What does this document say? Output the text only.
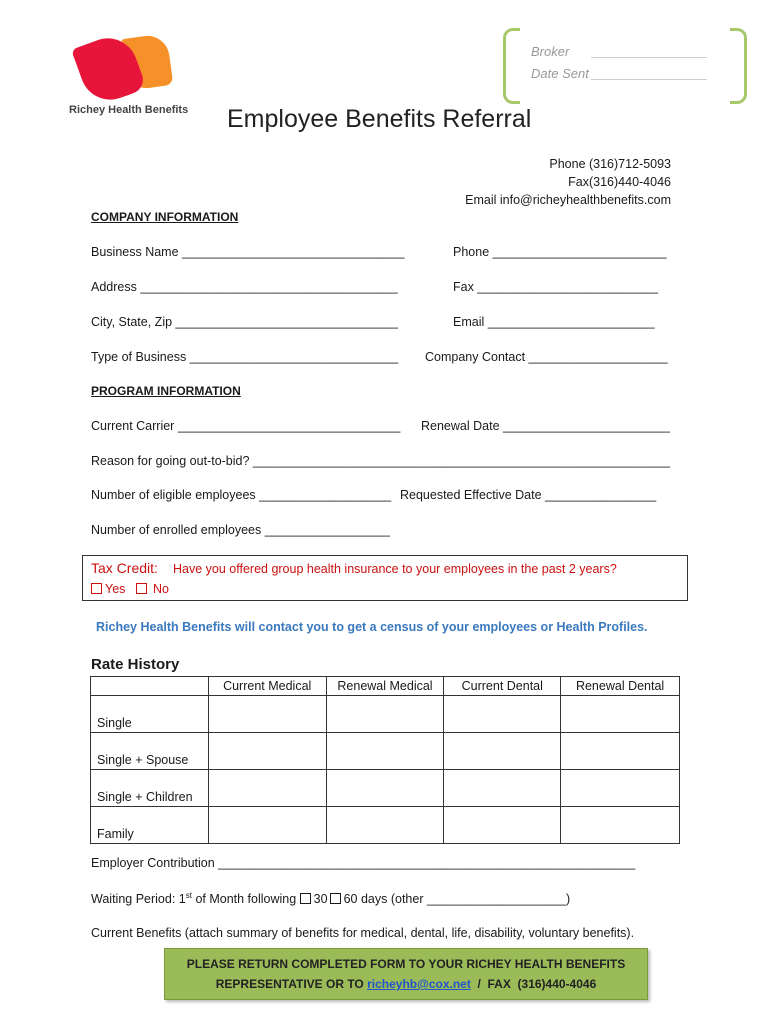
Richey Health Benefits
Broker ________________
Date Sent ________________
Employee Benefits Referral
Phone (316)712-5093
Fax(316)440-4046
Email info@richeyhealthbenefits.com
COMPANY INFORMATION
Business Name ________________________________	Phone _________________________
Address _____________________________________	Fax __________________________
City, State, Zip ________________________________	Email ________________________
Type of Business ______________________________ Company Contact ____________________
PROGRAM INFORMATION
Current Carrier ________________________________ Renewal Date ________________________
Reason for going out-to-bid? ____________________________________________________________
Number of eligible employees ___________________ Requested Effective Date ________________
Number of enrolled employees __________________
Tax Credit: Have you offered group health insurance to your employees in the past 2 years?
Yes	No
Richey Health Benefits will contact you to get a census of your employees or Health Profiles.
Rate History
	Current Medical	Renewal Medical	Current Dental	Renewal Dental
Single				
Single + Spouse				
Single + Children				
Family				
Employer Contribution ____________________________________________________________
Waiting Period: 1st of Month following 30 60 days (other ____________________)
Current Benefits (attach summary of benefits for medical, dental, life, disability, voluntary benefits).
PLEASE RETURN COMPLETED FORM TO YOUR RICHEY HEALTH BENEFITS
REPRESENTATIVE OR TO richeyhb@cox.net  /  FAX  (316)440-4046
